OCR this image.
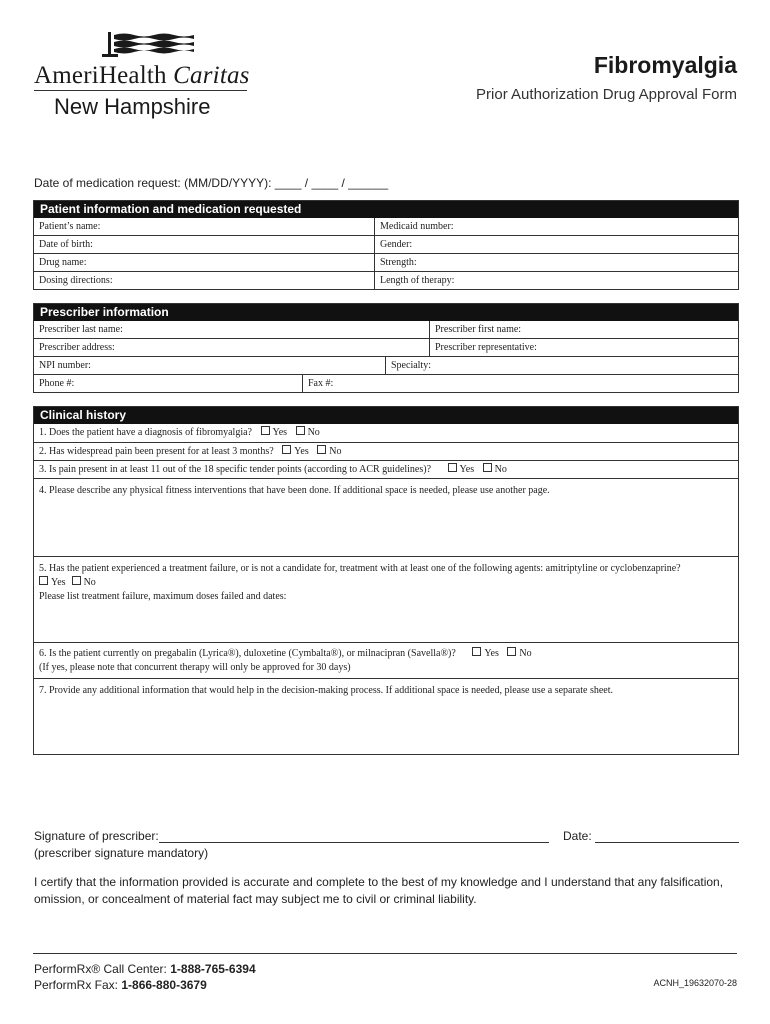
AmeriHealth Caritas
New Hampshire
Fibromyalgia
Prior Authorization Drug Approval Form
Date of medication request: (MM/DD/YYYY): ____ / ____ / ______
Patient information and medication requested
Patient’s name:	Medicaid number:
Date of birth:	Gender:
Drug name:	Strength:
Dosing directions:	Length of therapy:
Prescriber information
Prescriber last name:	Prescriber first name:
Prescriber address:	Prescriber representative:
NPI number:	Specialty:
Phone #:	Fax #:
Clinical history
1. Does the patient have a diagnosis of fibromyalgia? Yes No
2. Has widespread pain been present for at least 3 months? Yes No
3. Is pain present in at least 11 out of the 18 specific tender points (according to ACR guidelines)?	Yes No
4. Please describe any physical fitness interventions that have been done. If additional space is needed, please use another page.
5. Has the patient experienced a treatment failure, or is not a candidate for, treatment with at least one of the following agents: amitriptyline or cyclobenzaprine?
Yes No
Please list treatment failure, maximum doses failed and dates:
6. Is the patient currently on pregabalin (Lyrica®), duloxetine (Cymbalta®), or milnacipran (Savella®)?	Yes No
(If yes, please note that concurrent therapy will only be approved for 30 days)
7. Provide any additional information that would help in the decision-making process. If additional space is needed, please use a separate sheet.
Signature of prescriber:
(prescriber signature mandatory)
Date:
I certify that the information provided is accurate and complete to the best of my knowledge and I understand that any falsification, omission, or concealment of material fact may subject me to civil or criminal liability.
PerformRx® Call Center: 1-888-765-6394
PerformRx Fax: 1-866-880-3679	ACNH_19632070-28
